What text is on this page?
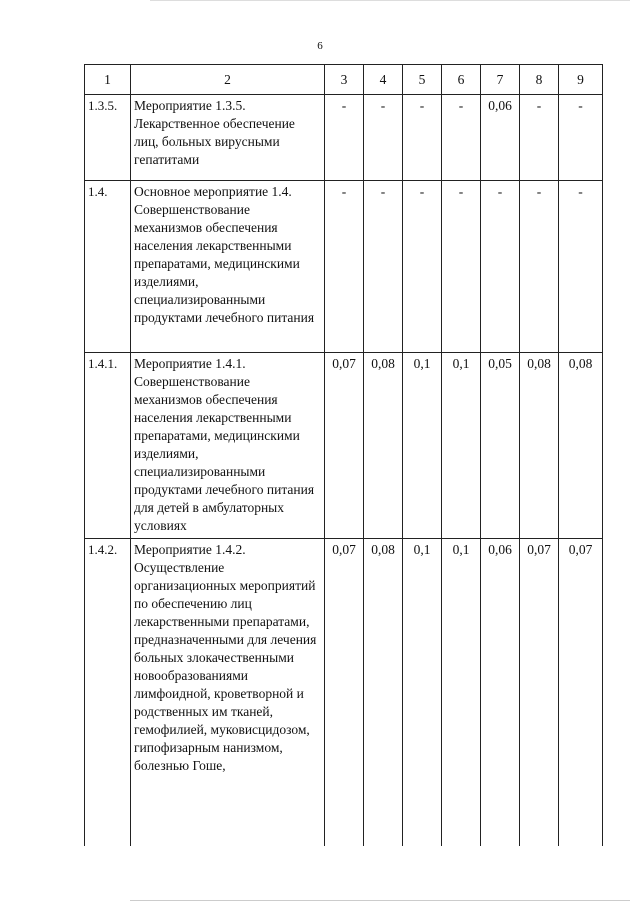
6
1	2	3	4	5	6	7	8	9
1.3.5.	Мероприятие 1.3.5. Лекарственное обеспечение лиц, больных вирусными гепатитами	-	-	-	-	0,06	-	-
1.4.	Основное мероприятие 1.4. Совершенствование механизмов обеспечения населения лекарственными препаратами, медицинскими изделиями, специализированными продуктами лечебного питания	-	-	-	-	-	-	-
1.4.1.	Мероприятие 1.4.1. Совершенствование механизмов обеспечения населения лекарственными препаратами, медицинскими изделиями, специализированными продуктами лечебного питания для детей в амбулаторных условиях	0,07	0,08	0,1	0,1	0,05	0,08	0,08
1.4.2.	Мероприятие 1.4.2. Осуществление организационных мероприятий по обеспечению лиц лекарственными препаратами, предназначенными для лечения больных злокачественными новообразованиями лимфоидной, кроветворной и родственных им тканей, гемофилией, муковисцидозом, гипофизарным нанизмом, болезнью Гоше,	0,07	0,08	0,1	0,1	0,06	0,07	0,07
